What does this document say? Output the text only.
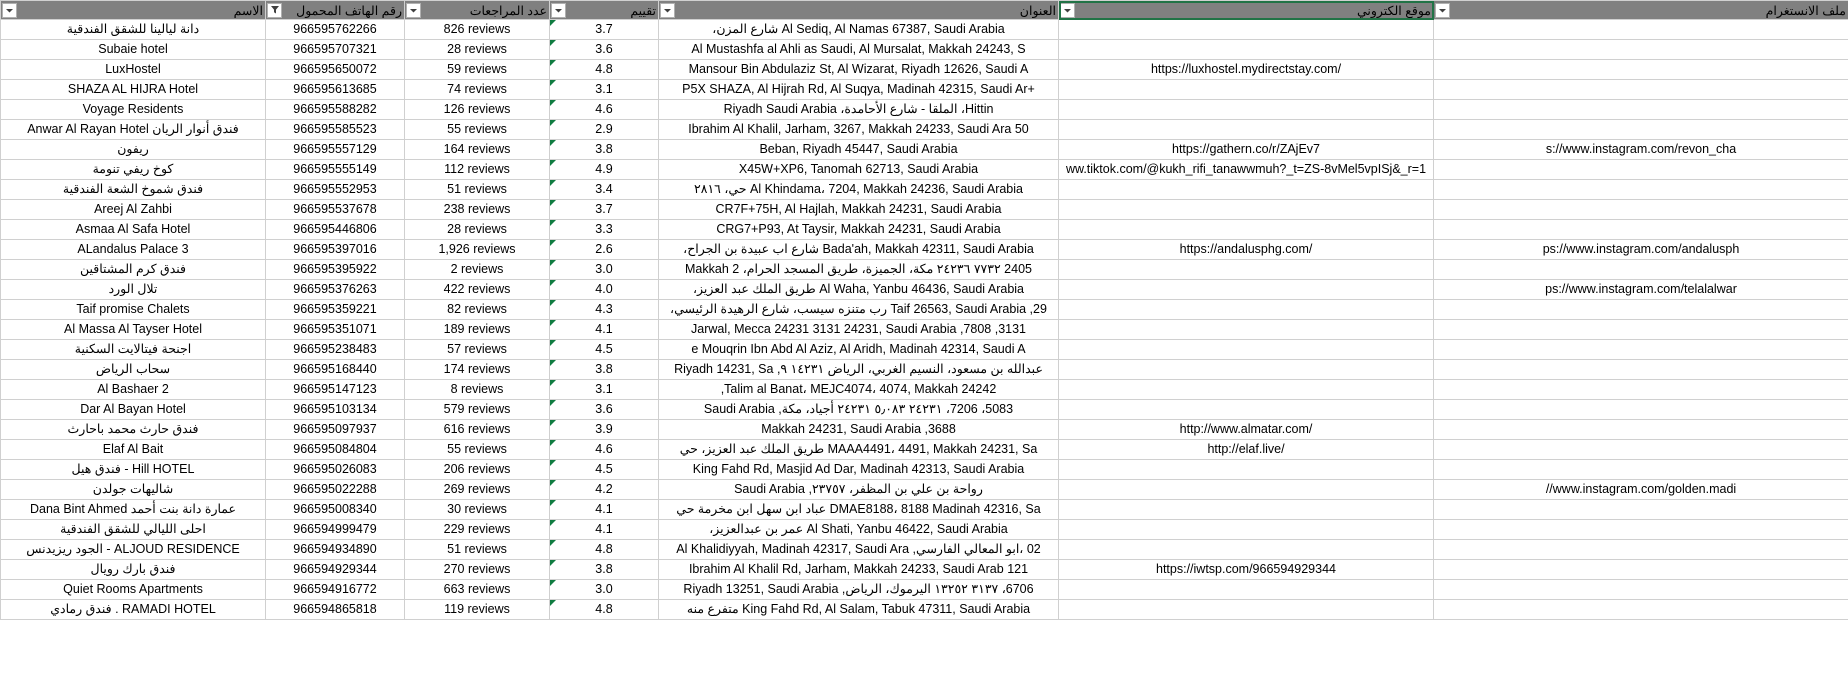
الاسم	رقم الهاتف المحمول	عدد المراجعات	تقييم	العنوان	موقع الكتروني	ملف الانستغرام

دانة ليالينا للشقق الفندقية	966595762266	826 reviews	3.7	Al Sediq, Al Namas 67387, Saudi Arabia شارع المزن،		

Subaie hotel	966595707321	28 reviews	3.6	Al Mustashfa al Ahli as Saudi, Al Mursalat, Makkah 24243, S		

LuxHostel	966595650072	59 reviews	4.8	Mansour Bin Abdulaziz St, Al Wizarat, Riyadh 12626, Saudi A	https://luxhostel.mydirectstay.com/	

SHAZA AL HIJRA Hotel	966595613685	74 reviews	3.1	+P5X SHAZA, Al Hijrah Rd, Al Suqya, Madinah 42315, Saudi Ar		

Voyage Residents	966595588282	126 reviews	4.6	Hittin، الملقا - شارع الأحامدة، Riyadh Saudi Arabia		

فندق أنوار الريان Anwar Al Rayan Hotel	966595585523	55 reviews	2.9	50 Ibrahim Al Khalil, Jarham, 3267, Makkah 24233, Saudi Ara		

ريفون	966595557129	164 reviews	3.8	Beban, Riyadh 45447, Saudi Arabia	https://gathern.co/r/ZAjEv7	s://www.instagram.com/revon_cha

كوخ ريفي تنومة	966595555149	112 reviews	4.9	X45W+XP6, Tanomah 62713, Saudi Arabia	ww.tiktok.com/@kukh_rifi_tanawwmuh?_t=ZS-8vMel5vpISj&_r=1	

فندق شموخ الشعة الفندقية	966595552953	51 reviews	3.4	Al Khindama، 7204, Makkah 24236, Saudi Arabia حي، ٢٨١٦		

Areej Al Zahbi	966595537678	238 reviews	3.7	CR7F+75H, Al Hajlah, Makkah 24231, Saudi Arabia		

Asmaa Al Safa Hotel	966595446806	28 reviews	3.3	CRG7+P93, At Taysir, Makkah 24231, Saudi Arabia		

ALandalus Palace 3	966595397016	1,926 reviews	2.6	Bada'ah, Makkah 42311, Saudi Arabia شارع اب عبيدة بن الجراح،	https://andalusphg.com/	ps://www.instagram.com/andalusph

فندق كرم المشتاقين	966595395922	2 reviews	3.0	2405 ٧٧٣٢ ٢٤٢٣٦ مكة، الجميزة، طريق المسجد الحرام، Makkah 2		

تلال الورد	966595376263	422 reviews	4.0	Al Waha, Yanbu 46436, Saudi Arabia طريق الملك عبد العزيز،		ps://www.instagram.com/telalalwar

Taif promise Chalets	966595359221	82 reviews	4.3	29, Taif 26563, Saudi Arabia رب متنزه سيسب، شارع الرهيدة الرئيسي،		

Al Massa Al Tayser Hotel	966595351071	189 reviews	4.1	3131, 7808, Jarwal, Mecca 24231 3131 24231, Saudi Arabia		

اجنحة فيتالايت السكنية	966595238483	57 reviews	4.5	e Mouqrin Ibn Abd Al Aziz, Al Aridh, Madinah 42314, Saudi A		

سحاب الرياض	966595168440	174 reviews	3.8	عبدالله بن مسعود، النسيم الغربي، الرياض ١٤٢٣١ ٩, Riyadh 14231, Sa		

Al Bashaer 2	966595147123	8 reviews	3.1	Talim al Banat، MEJC4074، 4074, Makkah 24242,		

Dar Al Bayan Hotel	966595103134	579 reviews	3.6	5083، 7206، ٢٤٢٣١ ٥٫٠٨٣ ٢٤٢٣١ أجياد، مكة, Saudi Arabia		

فندق حارث محمد باحارث	966595097937	616 reviews	3.9	3688, Makkah 24231, Saudi Arabia	http://www.almatar.com/	

Elaf Al Bait	966595084804	55 reviews	4.6	MAAA4491، 4491, Makkah 24231, Sa طريق الملك عبد العزيز، حي	http://elaf.live/	

Hill HOTEL - فندق هيل	966595026083	206 reviews	4.5	King Fahd Rd, Masjid Ad Dar, Madinah 42313, Saudi Arabia		

شاليهات جولدن	966595022288	269 reviews	4.2	رواحة بن علي بن المظفر، ٢٣٧٥٧, Saudi Arabia		//www.instagram.com/golden.madi

عمارة دانة بنت أحمد Dana Bint Ahmed	966595008340	30 reviews	4.1	DMAE8188، 8188 Madinah 42316, Sa عباد ابن سهل ابن مخرمة حي		

احلى الليالي للشقق الفندقية	966594999479	229 reviews	4.1	Al Shati, Yanbu 46422, Saudi Arabia عمر بن عبدالعزيز،		

ALJOUD RESIDENCE - الجود ريزيدنس	966594934890	51 reviews	4.8	02 ،ابو المعالي الفارسي, Al Khalidiyyah, Madinah 42317, Saudi Ara		

فندق بارك رويال	966594929344	270 reviews	3.8	121 Ibrahim Al Khalil Rd, Jarham, Makkah 24233, Saudi Arab	https://iwtsp.com/966594929344	

Quiet Rooms Apartments	966594916772	663 reviews	3.0	6706، ٣١٣٧ ١٣٢٥٢ اليرموك، الرياض, Riyadh 13251, Saudi Arabia		

RAMADI HOTEL . فندق رمادي	966594865818	119 reviews	4.8	King Fahd Rd, Al Salam, Tabuk 47311, Saudi Arabia متفرع منه		
